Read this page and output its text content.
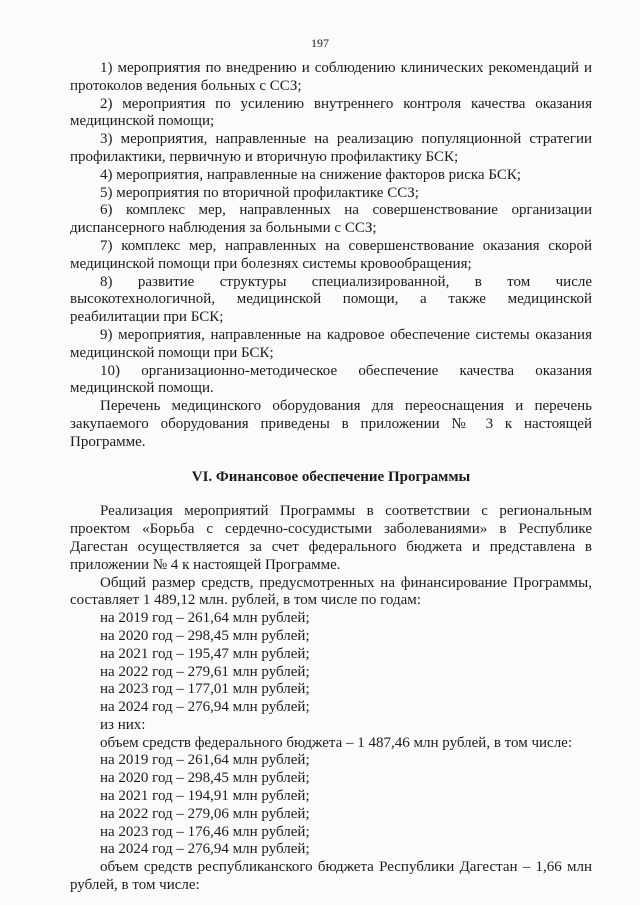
197

1) мероприятия по внедрению и соблюдению клинических рекомендаций и протоколов ведения больных с ССЗ;

2) мероприятия по усилению внутреннего контроля качества оказания медицинской помощи;

3) мероприятия, направленные на реализацию популяционной стратегии профилактики, первичную и вторичную профилактику БСК;

4) мероприятия, направленные на снижение факторов риска БСК;

5) мероприятия по вторичной профилактике ССЗ;

6) комплекс мер, направленных на совершенствование организации диспансерного наблюдения за больными с ССЗ;

7) комплекс мер, направленных на совершенствование оказания скорой медицинской помощи при болезнях системы кровообращения;

8) развитие структуры специализированной, в том числе высокотехнологичной, медицинской помощи, а также медицинской реабилитации при БСК;

9) мероприятия, направленные на кадровое обеспечение системы оказания медицинской помощи при БСК;

10) организационно-методическое обеспечение качества оказания медицинской помощи.

Перечень медицинского оборудования для переоснащения и перечень закупаемого оборудования приведены в приложении № 3 к настоящей Программе.

VI. Финансовое обеспечение Программы

Реализация мероприятий Программы в соответствии с региональным проектом «Борьба с сердечно-сосудистыми заболеваниями» в Республике Дагестан осуществляется за счет федерального бюджета и представлена в приложении № 4 к настоящей Программе.

Общий размер средств, предусмотренных на финансирование Программы, составляет 1 489,12 млн. рублей, в том числе по годам:

на 2019 год – 261,64 млн рублей;

на 2020 год – 298,45 млн рублей;

на 2021 год – 195,47 млн рублей;

на 2022 год – 279,61 млн рублей;

на 2023 год – 177,01 млн рублей;

на 2024 год – 276,94 млн рублей;

из них:

объем средств федерального бюджета – 1 487,46 млн рублей, в том числе:

на 2019 год – 261,64 млн рублей;

на 2020 год – 298,45 млн рублей;

на 2021 год – 194,91 млн рублей;

на 2022 год – 279,06 млн рублей;

на 2023 год – 176,46 млн рублей;

на 2024 год – 276,94 млн рублей;

объем средств республиканского бюджета Республики Дагестан – 1,66 млн рублей, в том числе:
